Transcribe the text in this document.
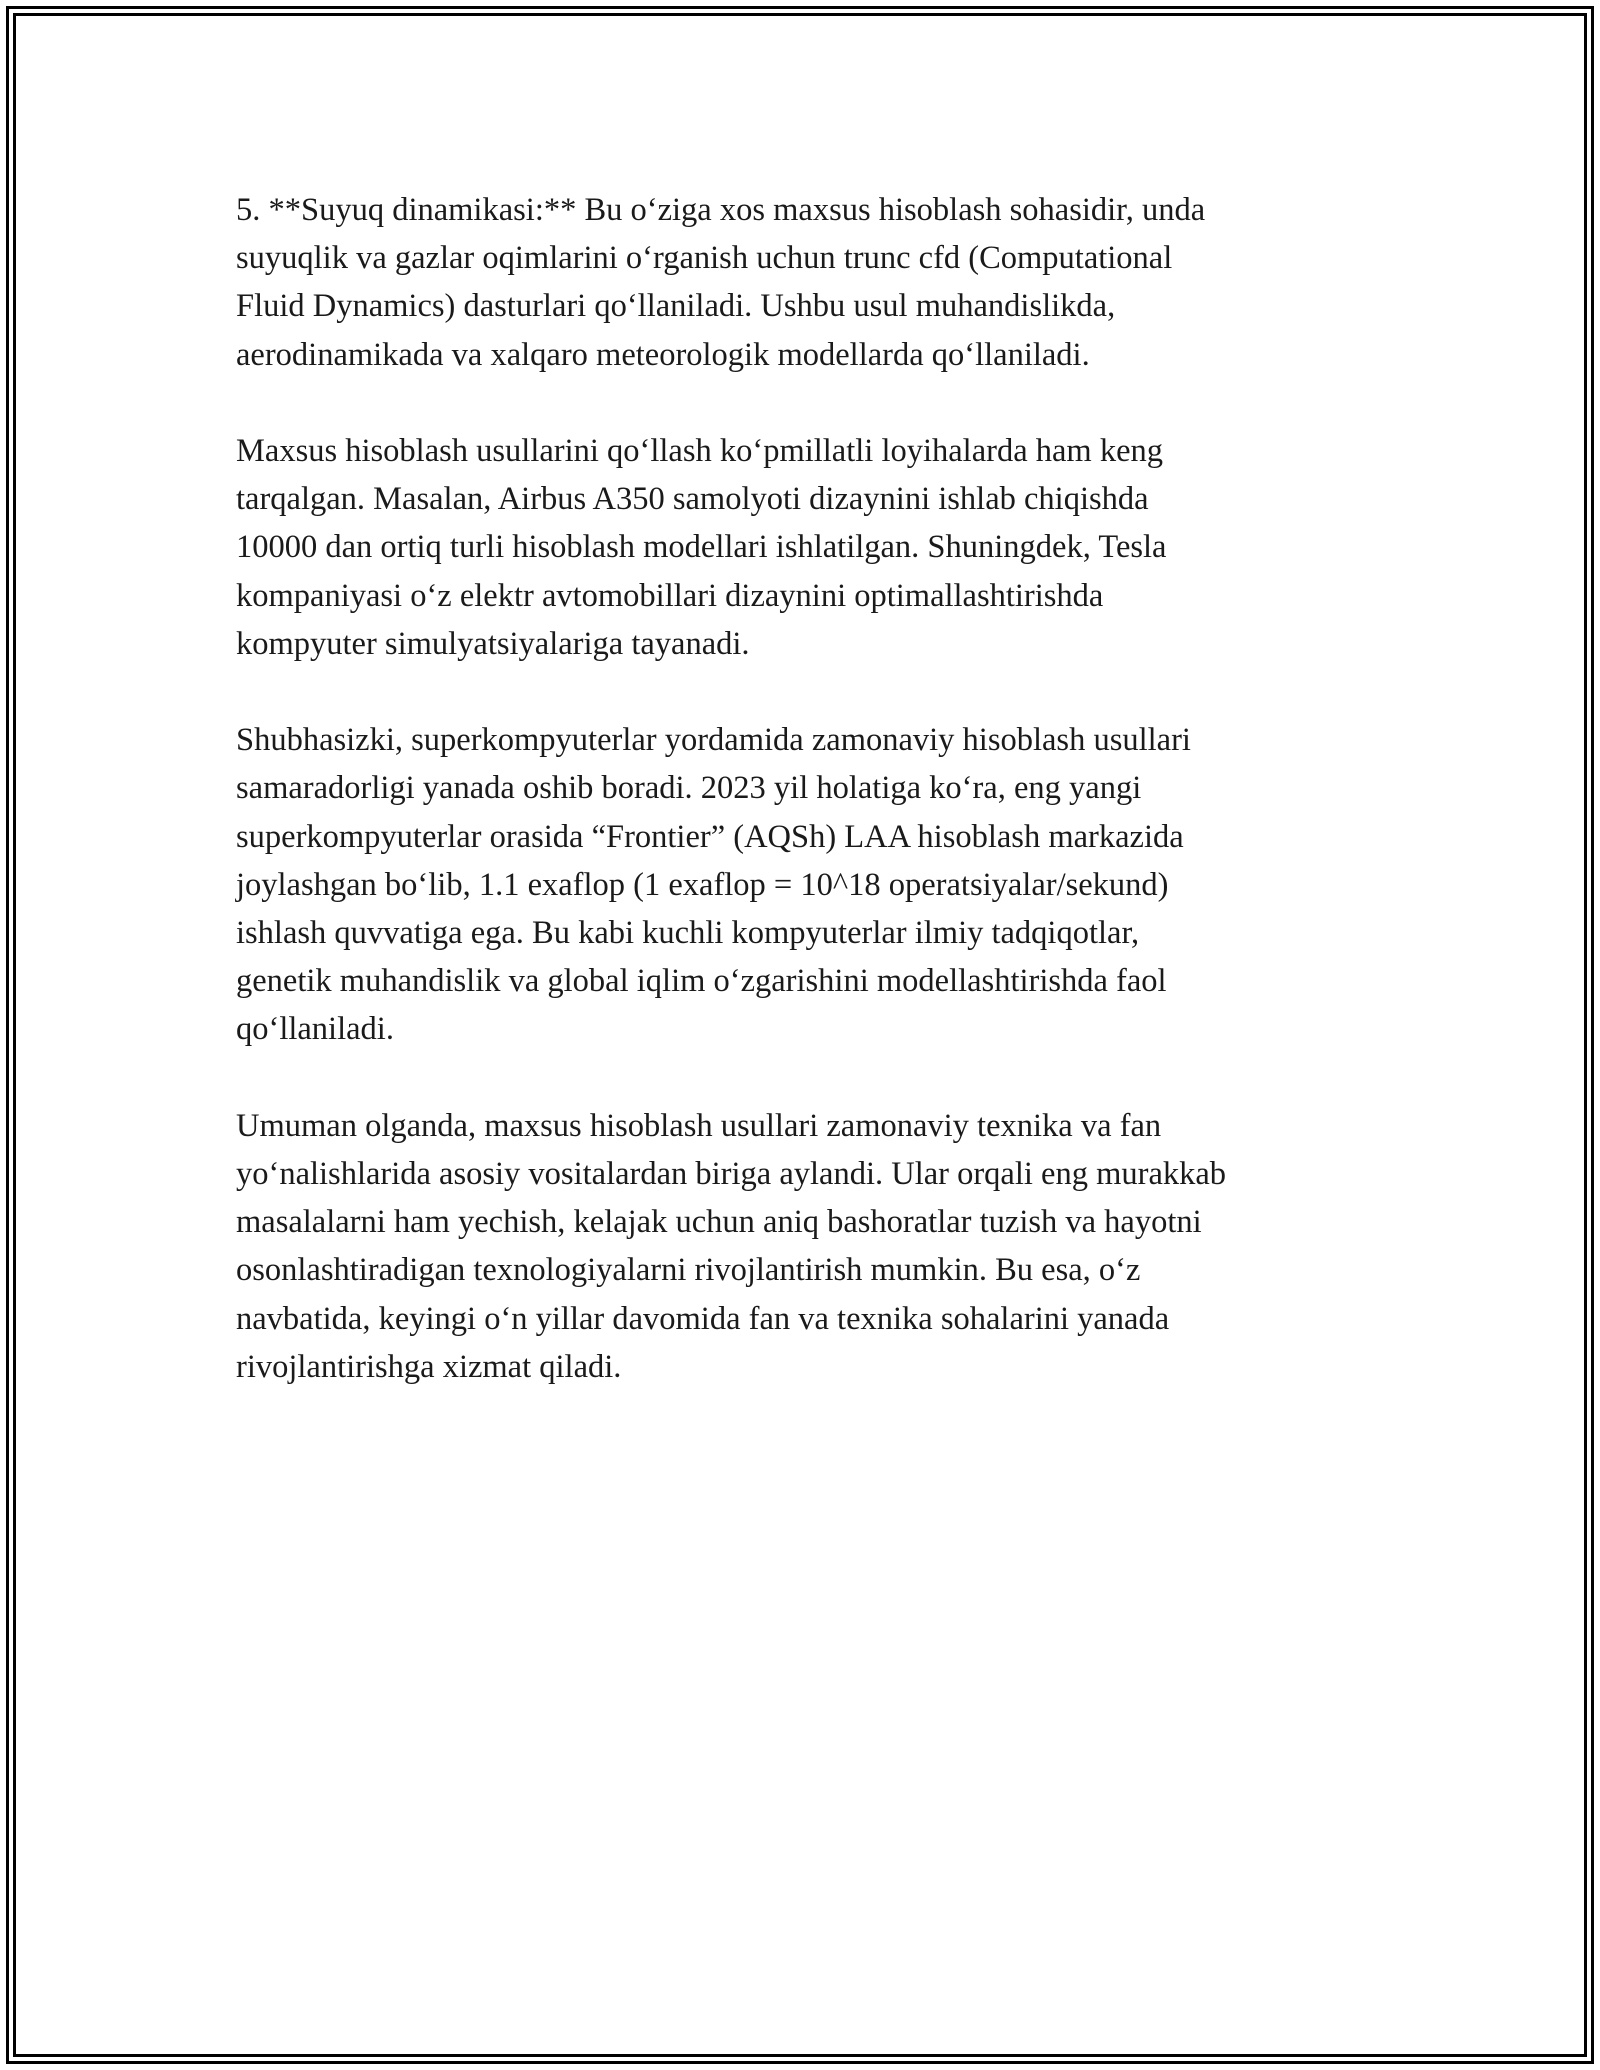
5. **Suyuq dinamikasi:** Bu o‘ziga xos maxsus hisoblash sohasidir, unda
suyuqlik va gazlar oqimlarini o‘rganish uchun trunc cfd (Computational
Fluid Dynamics) dasturlari qo‘llaniladi. Ushbu usul muhandislikda,
aerodinamikada va xalqaro meteorologik modellarda qo‘llaniladi.

Maxsus hisoblash usullarini qo‘llash ko‘pmillatli loyihalarda ham keng
tarqalgan. Masalan, Airbus A350 samolyoti dizaynini ishlab chiqishda
10000 dan ortiq turli hisoblash modellari ishlatilgan. Shuningdek, Tesla
kompaniyasi o‘z elektr avtomobillari dizaynini optimallashtirishda
kompyuter simulyatsiyalariga tayanadi.

Shubhasizki, superkompyuterlar yordamida zamonaviy hisoblash usullari
samaradorligi yanada oshib boradi. 2023 yil holatiga ko‘ra, eng yangi
superkompyuterlar orasida “Frontier” (AQSh) LAA hisoblash markazida
joylashgan bo‘lib, 1.1 exaflop (1 exaflop = 10^18 operatsiyalar/sekund)
ishlash quvvatiga ega. Bu kabi kuchli kompyuterlar ilmiy tadqiqotlar,
genetik muhandislik va global iqlim o‘zgarishini modellashtirishda faol
qo‘llaniladi.

Umuman olganda, maxsus hisoblash usullari zamonaviy texnika va fan
yo‘nalishlarida asosiy vositalardan biriga aylandi. Ular orqali eng murakkab
masalalarni ham yechish, kelajak uchun aniq bashoratlar tuzish va hayotni
osonlashtiradigan texnologiyalarni rivojlantirish mumkin. Bu esa, o‘z
navbatida, keyingi o‘n yillar davomida fan va texnika sohalarini yanada
rivojlantirishga xizmat qiladi.
